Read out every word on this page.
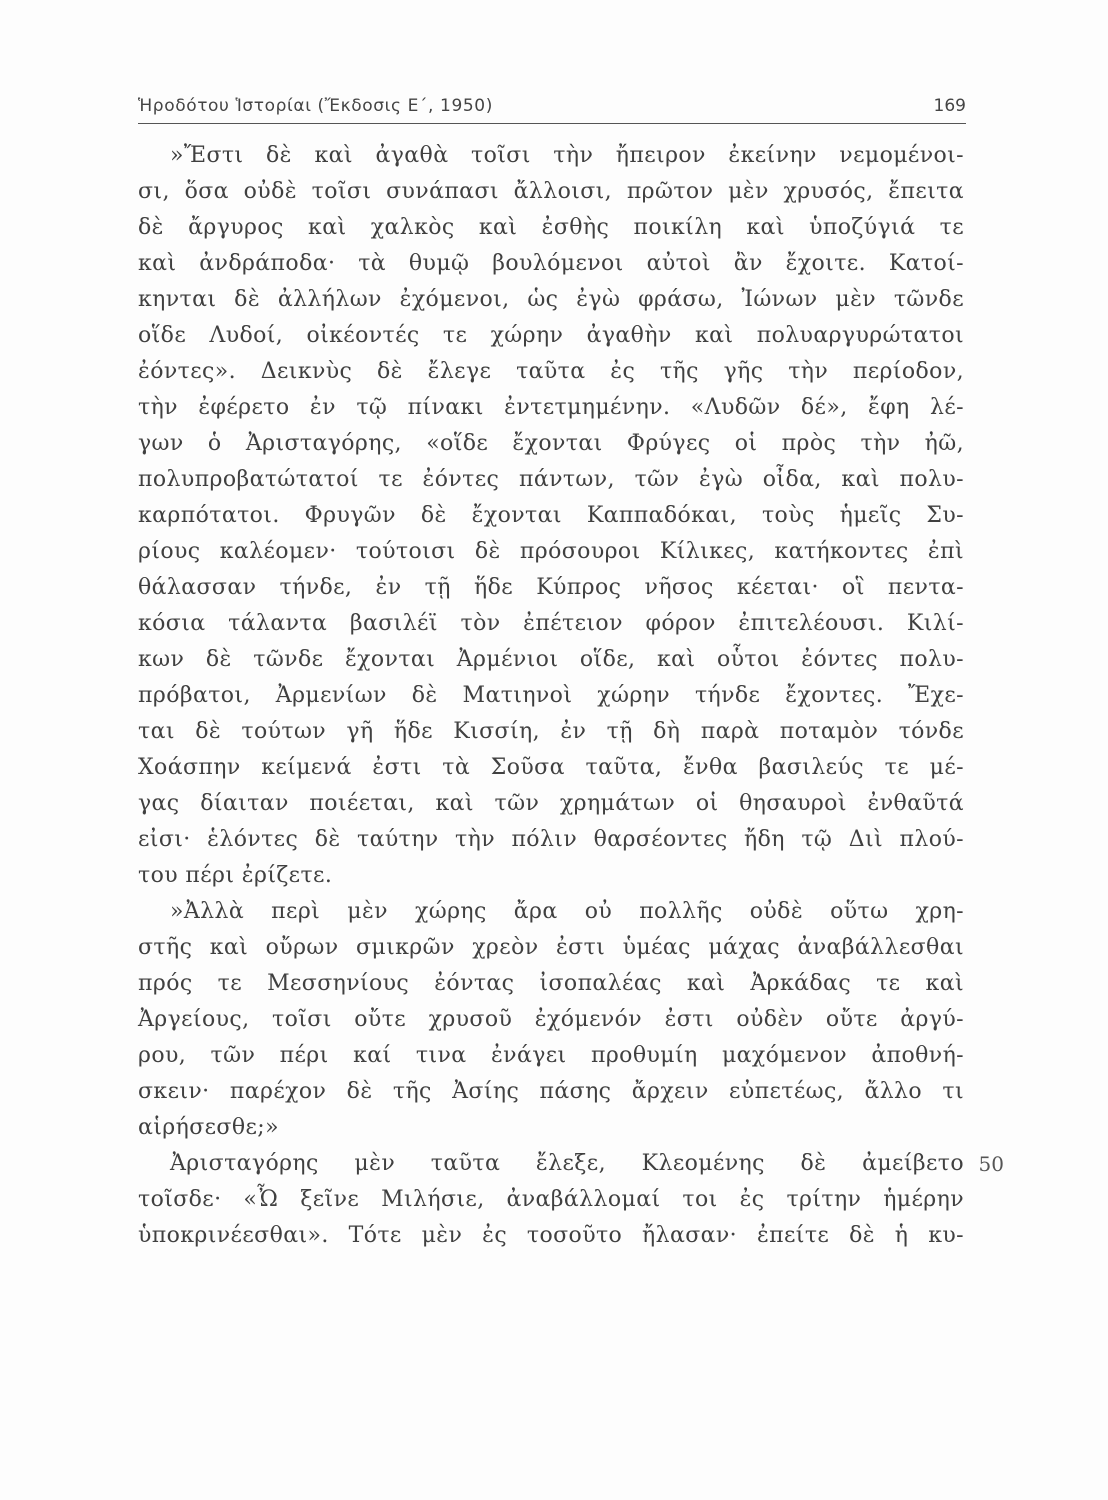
Ἡροδότου Ἱστορίαι (Ἔκδοσις Ε΄, 1950)	169
»Ἔστι δὲ καὶ ἀγαθὰ τοῖσι τὴν ἤπειρον ἐκείνην νεμομένοι-
σι, ὅσα οὐδὲ τοῖσι συνάπασι ἄλλοισι, πρῶτον μὲν χρυσός, ἔπειτα
δὲ ἄργυρος καὶ χαλκὸς καὶ ἐσθὴς ποικίλη καὶ ὑποζύγιά τε
καὶ ἀνδράποδα· τὰ θυμῷ βουλόμενοι αὐτοὶ ἂν ἔχοιτε. Κατοί-
κηνται δὲ ἀλλήλων ἐχόμενοι, ὡς ἐγὼ φράσω, Ἰώνων μὲν τῶνδε
οἵδε Λυδοί, οἰκέοντές τε χώρην ἀγαθὴν καὶ πολυαργυρώτατοι
ἐόντες». Δεικνὺς δὲ ἔλεγε ταῦτα ἐς τῆς γῆς τὴν περίοδον,
τὴν ἐφέρετο ἐν τῷ πίνακι ἐντετμημένην. «Λυδῶν δέ», ἔφη λέ-
γων ὁ Ἀρισταγόρης, «οἵδε ἔχονται Φρύγες οἱ πρὸς τὴν ἠῶ,
πολυπροβατώτατοί τε ἐόντες πάντων, τῶν ἐγὼ οἶδα, καὶ πολυ-
καρπότατοι. Φρυγῶν δὲ ἔχονται Καππαδόκαι, τοὺς ἡμεῖς Συ-
ρίους καλέομεν· τούτοισι δὲ πρόσουροι Κίλικες, κατήκοντες ἐπὶ
θάλασσαν τήνδε, ἐν τῇ ἥδε Κύπρος νῆσος κέεται· οἳ πεντα-
κόσια τάλαντα βασιλέϊ τὸν ἐπέτειον φόρον ἐπιτελέουσι. Κιλί-
κων δὲ τῶνδε ἔχονται Ἀρμένιοι οἵδε, καὶ οὗτοι ἐόντες πολυ-
πρόβατοι, Ἀρμενίων δὲ Ματιηνοὶ χώρην τήνδε ἔχοντες. Ἔχε-
ται δὲ τούτων γῆ ἥδε Κισσίη, ἐν τῇ δὴ παρὰ ποταμὸν τόνδε
Χοάσπην κείμενά ἐστι τὰ Σοῦσα ταῦτα, ἔνθα βασιλεύς τε μέ-
γας δίαιταν ποιέεται, καὶ τῶν χρημάτων οἱ θησαυροὶ ἐνθαῦτά
εἰσι· ἑλόντες δὲ ταύτην τὴν πόλιν θαρσέοντες ἤδη τῷ Διὶ πλού-
του πέρι ἐρίζετε.
»Ἀλλὰ περὶ μὲν χώρης ἄρα οὐ πολλῆς οὐδὲ οὕτω χρη-
στῆς καὶ οὔρων σμικρῶν χρεὸν ἐστι ὑμέας μάχας ἀναβάλλεσθαι
πρός τε Μεσσηνίους ἐόντας ἰσοπαλέας καὶ Ἀρκάδας τε καὶ
Ἀργείους, τοῖσι οὔτε χρυσοῦ ἐχόμενόν ἐστι οὐδὲν οὔτε ἀργύ-
ρου, τῶν πέρι καί τινα ἐνάγει προθυμίη μαχόμενον ἀποθνή-
σκειν· παρέχον δὲ τῆς Ἀσίης πάσης ἄρχειν εὐπετέως, ἄλλο τι
αἱρήσεσθε;»
Ἀρισταγόρης μὲν ταῦτα ἔλεξε, Κλεομένης δὲ ἀμείβετο 50
τοῖσδε· «Ὦ ξεῖνε Μιλήσιε, ἀναβάλλομαί τοι ἐς τρίτην ἡμέρην
ὑποκρινέεσθαι». Τότε μὲν ἐς τοσοῦτο ἤλασαν· ἐπείτε δὲ ἡ κυ-
